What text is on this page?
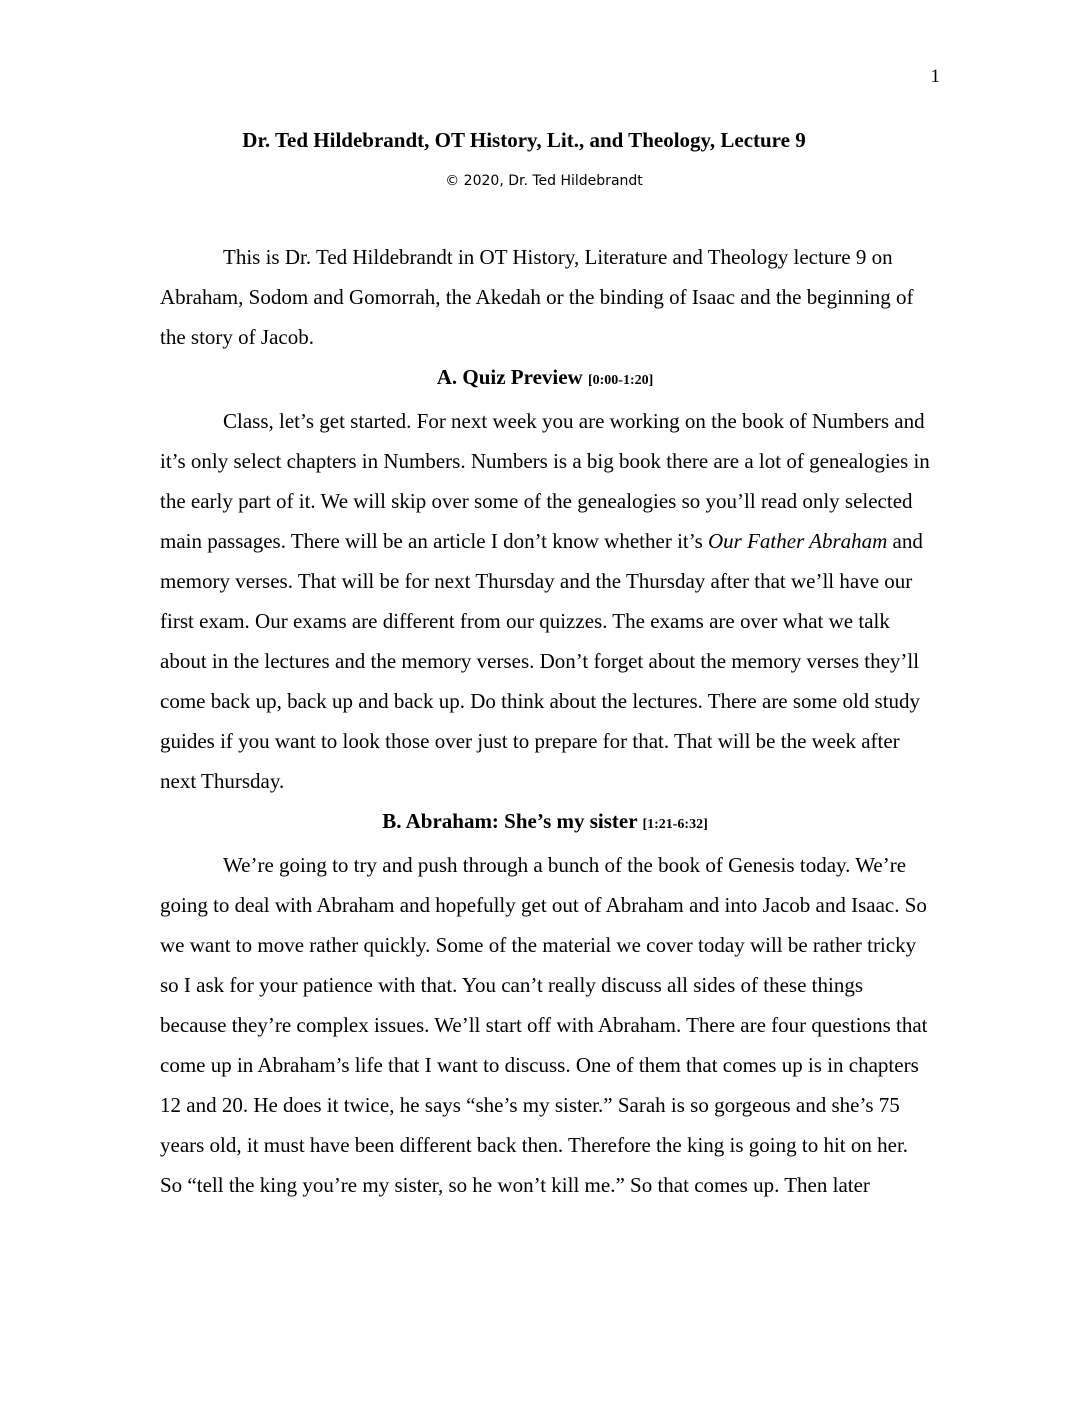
1
Dr. Ted Hildebrandt, OT History, Lit., and Theology, Lecture 9
© 2020, Dr. Ted Hildebrandt

This is Dr. Ted Hildebrandt in OT History, Literature and Theology lecture 9 on Abraham, Sodom and Gomorrah, the Akedah or the binding of Isaac and the beginning of the story of Jacob.

A. Quiz Preview [0:00-1:20]

Class, let’s get started. For next week you are working on the book of Numbers and it’s only select chapters in Numbers. Numbers is a big book there are a lot of genealogies in the early part of it. We will skip over some of the genealogies so you’ll read only selected main passages. There will be an article I don’t know whether it’s Our Father Abraham and memory verses. That will be for next Thursday and the Thursday after that we’ll have our first exam. Our exams are different from our quizzes. The exams are over what we talk about in the lectures and the memory verses. Don’t forget about the memory verses they’ll come back up, back up and back up. Do think about the lectures. There are some old study guides if you want to look those over just to prepare for that. That will be the week after next Thursday.

B. Abraham: She’s my sister [1:21-6:32]

We’re going to try and push through a bunch of the book of Genesis today. We’re going to deal with Abraham and hopefully get out of Abraham and into Jacob and Isaac. So we want to move rather quickly. Some of the material we cover today will be rather tricky so I ask for your patience with that. You can’t really discuss all sides of these things because they’re complex issues. We’ll start off with Abraham. There are four questions that come up in Abraham’s life that I want to discuss. One of them that comes up is in chapters 12 and 20. He does it twice, he says “she’s my sister.” Sarah is so gorgeous and she’s 75 years old, it must have been different back then. Therefore the king is going to hit on her. So “tell the king you’re my sister, so he won’t kill me.” So that comes up. Then later
